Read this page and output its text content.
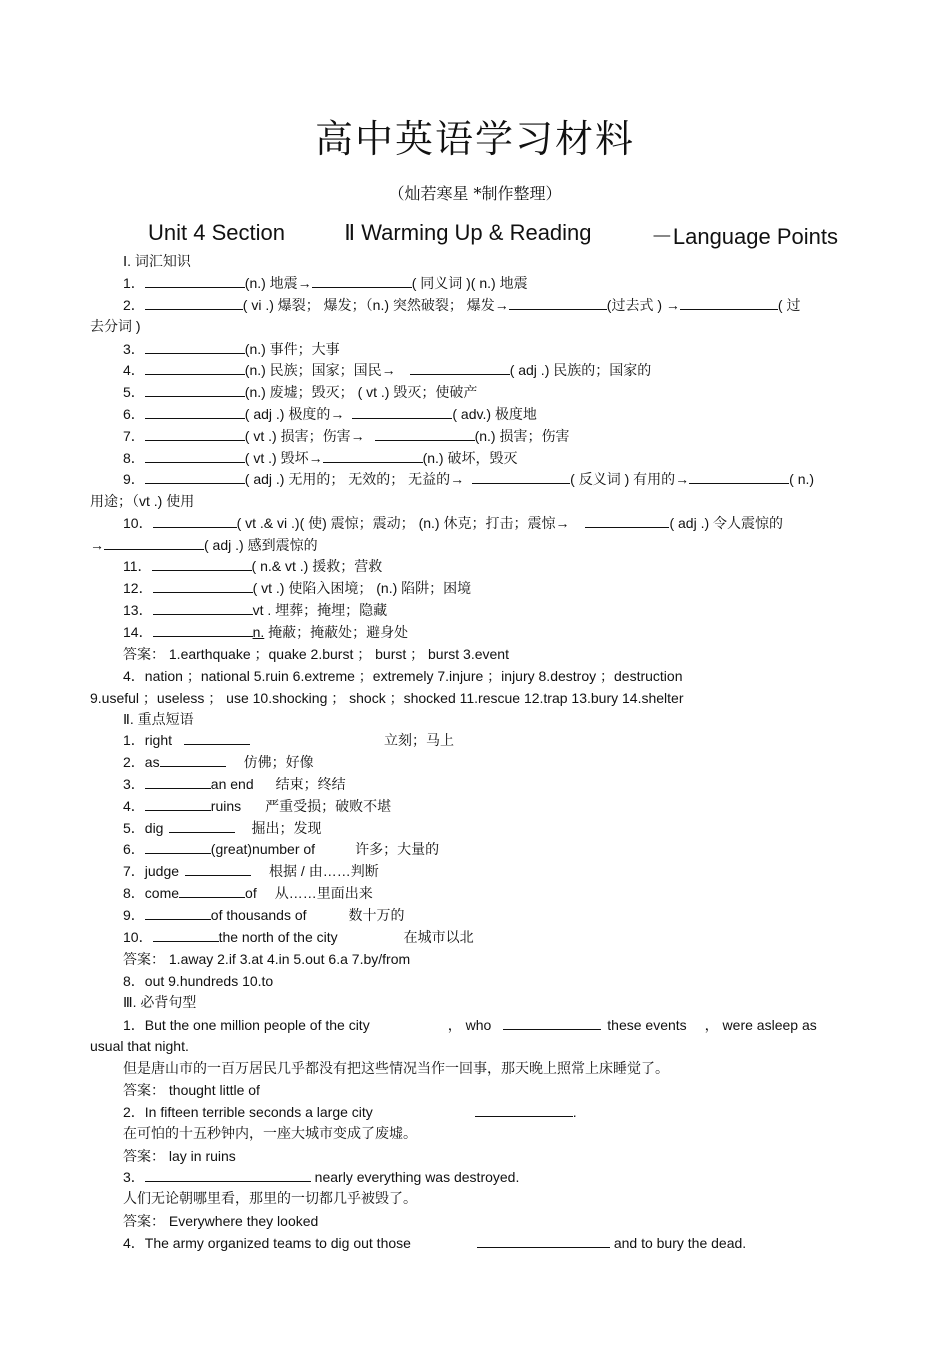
高中英语学习材料
（灿若寒星 *制作整理）
Unit 4 Section	Ⅱ Warming Up & Reading	－Language Points
Ⅰ. 词汇知识
1．	(n.) 地震→	( 同义词 )( n.) 地震
2．	( vi .) 爆裂； 爆发；（n.) 突然破裂； 爆发→	(过去式 ) →	( 过
去分词 )
3．	(n.) 事件；大事
4．	(n.) 民族；国家；国民→	( adj .) 民族的；国家的
5．	(n.) 废墟；毁灭； ( vt .) 毁灭；使破产
6．	( adj .) 极度的→	( adv.) 极度地
7．	( vt .) 损害；伤害→	(n.) 损害；伤害
8．	( vt .) 毁坏→	(n.) 破坏，毁灭
9．	( adj .) 无用的； 无效的； 无益的→	( 反义词 ) 有用的→	( n.)
用途；（vt .) 使用
10．	( vt .& vi .)( 使) 震惊；震动； (n.) 休克；打击；震惊→	( adj .) 令人震惊的
→	( adj .) 感到震惊的
11．	( n.& vt .) 援救；营救
12．	( vt .) 使陷入困境； (n.) 陷阱；困境
13．	vt . 埋葬；掩埋；隐藏
14．	n. 掩蔽；掩蔽处；避身处
答案： 1.earthquake ；quake 2.burst ； burst ； burst 3.event
4．nation ；national 5.ruin 6.extreme ；extremely 7.injure ；injury 8.destroy ；destruction
9.useful ；useless ； use 10.shocking ； shock ；shocked 11.rescue 12.trap 13.bury 14.shelter
Ⅱ. 重点短语
1．right	立刻；马上
2．as	仿佛；好像
3．	an end 结束；终结
4．	ruins 严重受损；破败不堪
5．dig	掘出；发现
6．	(great)number of	许多；大量的
7．judge	根据 / 由……判断
8．come	of 从……里面出来
9．	of thousands of	数十万的
10．	the north of the city	在城市以北
答案： 1.away 2.if 3.at 4.in 5.out 6.a 7.by/from
8．out 9.hundreds 10.to
Ⅲ. 必背句型
1．But the one million people of the city	， who	these events ， were asleep as
usual that night.
但是唐山市的一百万居民几乎都没有把这些情况当作一回事，那天晚上照常上床睡觉了。
答案： thought little of
2．In fifteen terrible seconds a large city	.
在可怕的十五秒钟内，一座大城市变成了废墟。
答案： lay in ruins
3．	nearly everything was destroyed.
人们无论朝哪里看，那里的一切都几乎被毁了。
答案： Everywhere they looked
4．The army organized teams to dig out those	and to bury the dead.
